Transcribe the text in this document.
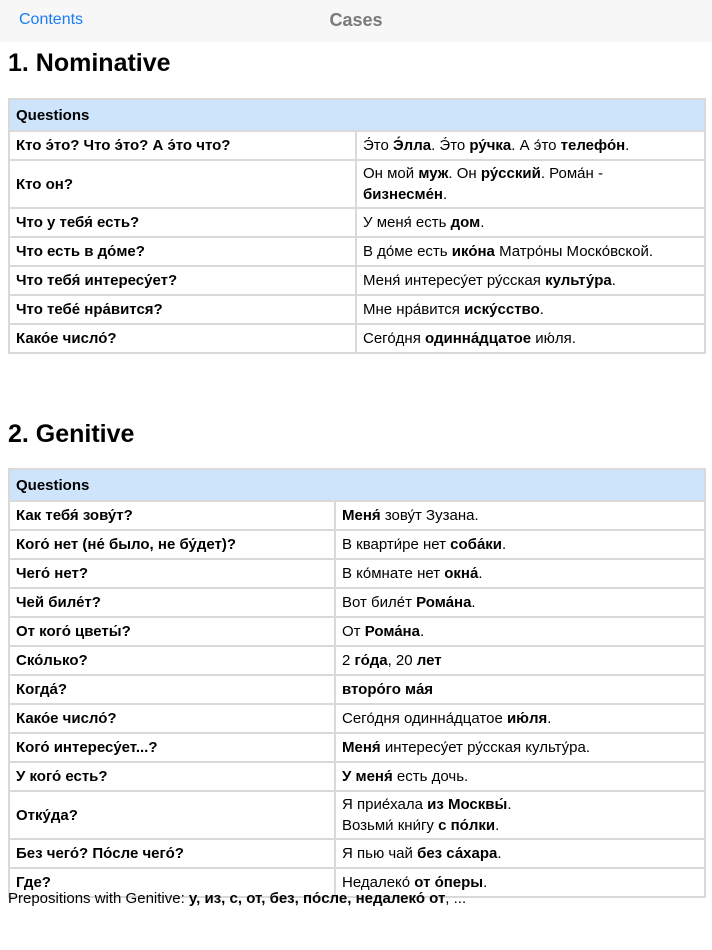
Contents	Cases
1. Nominative
Questions	
Кто э́то? Что э́то? А э́то что?	Э́то Э́лла. Э́то ру́чка. А э́то телефо́н.
Кто он?	Он мой муж. Он ру́сский. Рома́н -
бизнесме́н.
Что у тебя́ есть?	У меня́ есть дом.
Что есть в до́ме?	В до́ме есть ико́на Матро́ны Моско́вской.
Что тебя́ интересу́ет?	Меня́ интересу́ет ру́сская культу́ра.
Что тебе́ нра́вится?	Мне нра́вится иску́сство.
Како́е число́?	Сего́дня одинна́дцатое ию́ля.
2. Genitive
Questions	
Как тебя́ зову́т?	Меня́ зову́т Зузана.
Кого́ нет (не́ было, не бу́дет)?	В кварти́ре нет соба́ки.
Чего́ нет?	В ко́мнате нет окна́.
Чей биле́т?	Вот биле́т Рома́на.
От кого́ цветы́?	От Рома́на.
Ско́лько?	2 го́да, 20 лет
Когда́?	второ́го ма́я
Како́е число́?	Сего́дня одинна́дцатое ию́ля.
Кого́ интересу́ет...?	Меня́ интересу́ет ру́сская культу́ра.
У кого́ есть?	У меня́ есть дочь.
Отку́да?	Я прие́хала из Москвы́.
Возьми́ кни́гу с по́лки.
Без чего́? По́сле чего́?	Я пью чай без са́хара.
Где?	Недалеко́ от о́перы.
Prepositions with Genitive: у, из, с, от, без, по́сле, недалеко́ от, ...
